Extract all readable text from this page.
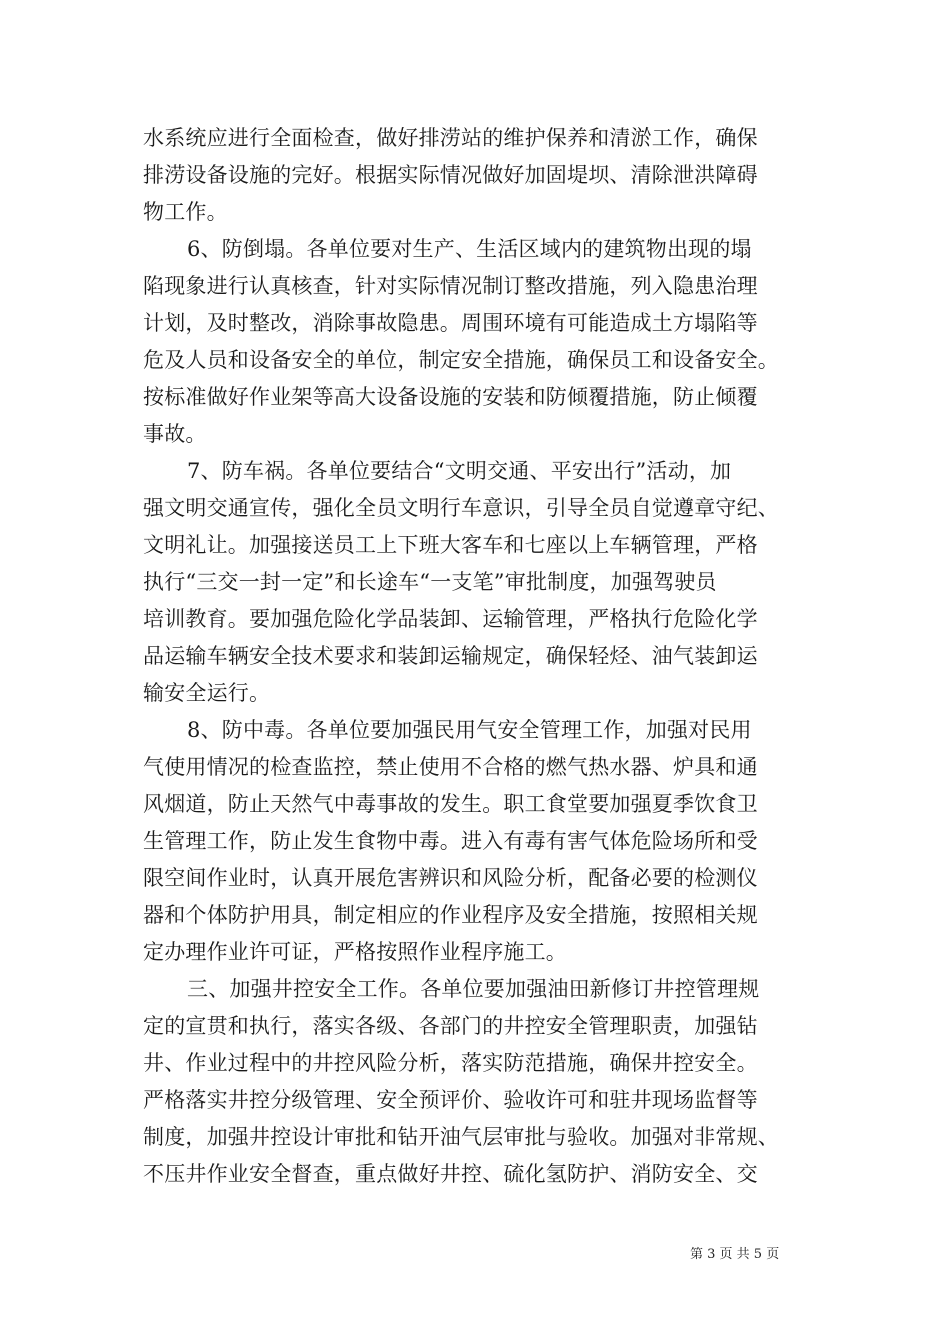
水系统应进行全面检查，做好排涝站的维护保养和清淤工作，确保
排涝设备设施的完好。根据实际情况做好加固堤坝、清除泄洪障碍
物工作。
6、防倒塌。各单位要对生产、生活区域内的建筑物出现的塌
陷现象进行认真核查，针对实际情况制订整改措施，列入隐患治理
计划，及时整改，消除事故隐患。周围环境有可能造成土方塌陷等
危及人员和设备安全的单位，制定安全措施，确保员工和设备安全。
按标准做好作业架等高大设备设施的安装和防倾覆措施，防止倾覆
事故。
7、防车祸。各单位要结合“文明交通、平安出行”活动，加
强文明交通宣传，强化全员文明行车意识，引导全员自觉遵章守纪、
文明礼让。加强接送员工上下班大客车和七座以上车辆管理，严格
执行“三交一封一定”和长途车“一支笔”审批制度，加强驾驶员
培训教育。要加强危险化学品装卸、运输管理，严格执行危险化学
品运输车辆安全技术要求和装卸运输规定，确保轻烃、油气装卸运
输安全运行。
8、防中毒。各单位要加强民用气安全管理工作，加强对民用
气使用情况的检查监控，禁止使用不合格的燃气热水器、炉具和通
风烟道，防止天然气中毒事故的发生。职工食堂要加强夏季饮食卫
生管理工作，防止发生食物中毒。进入有毒有害气体危险场所和受
限空间作业时，认真开展危害辨识和风险分析，配备必要的检测仪
器和个体防护用具，制定相应的作业程序及安全措施，按照相关规
定办理作业许可证，严格按照作业程序施工。
三、加强井控安全工作。各单位要加强油田新修订井控管理规
定的宣贯和执行，落实各级、各部门的井控安全管理职责，加强钻
井、作业过程中的井控风险分析，落实防范措施，确保井控安全。
严格落实井控分级管理、安全预评价、验收许可和驻井现场监督等
制度，加强井控设计审批和钻开油气层审批与验收。加强对非常规、
不压井作业安全督查，重点做好井控、硫化氢防护、消防安全、交
第 3 页 共 5 页
